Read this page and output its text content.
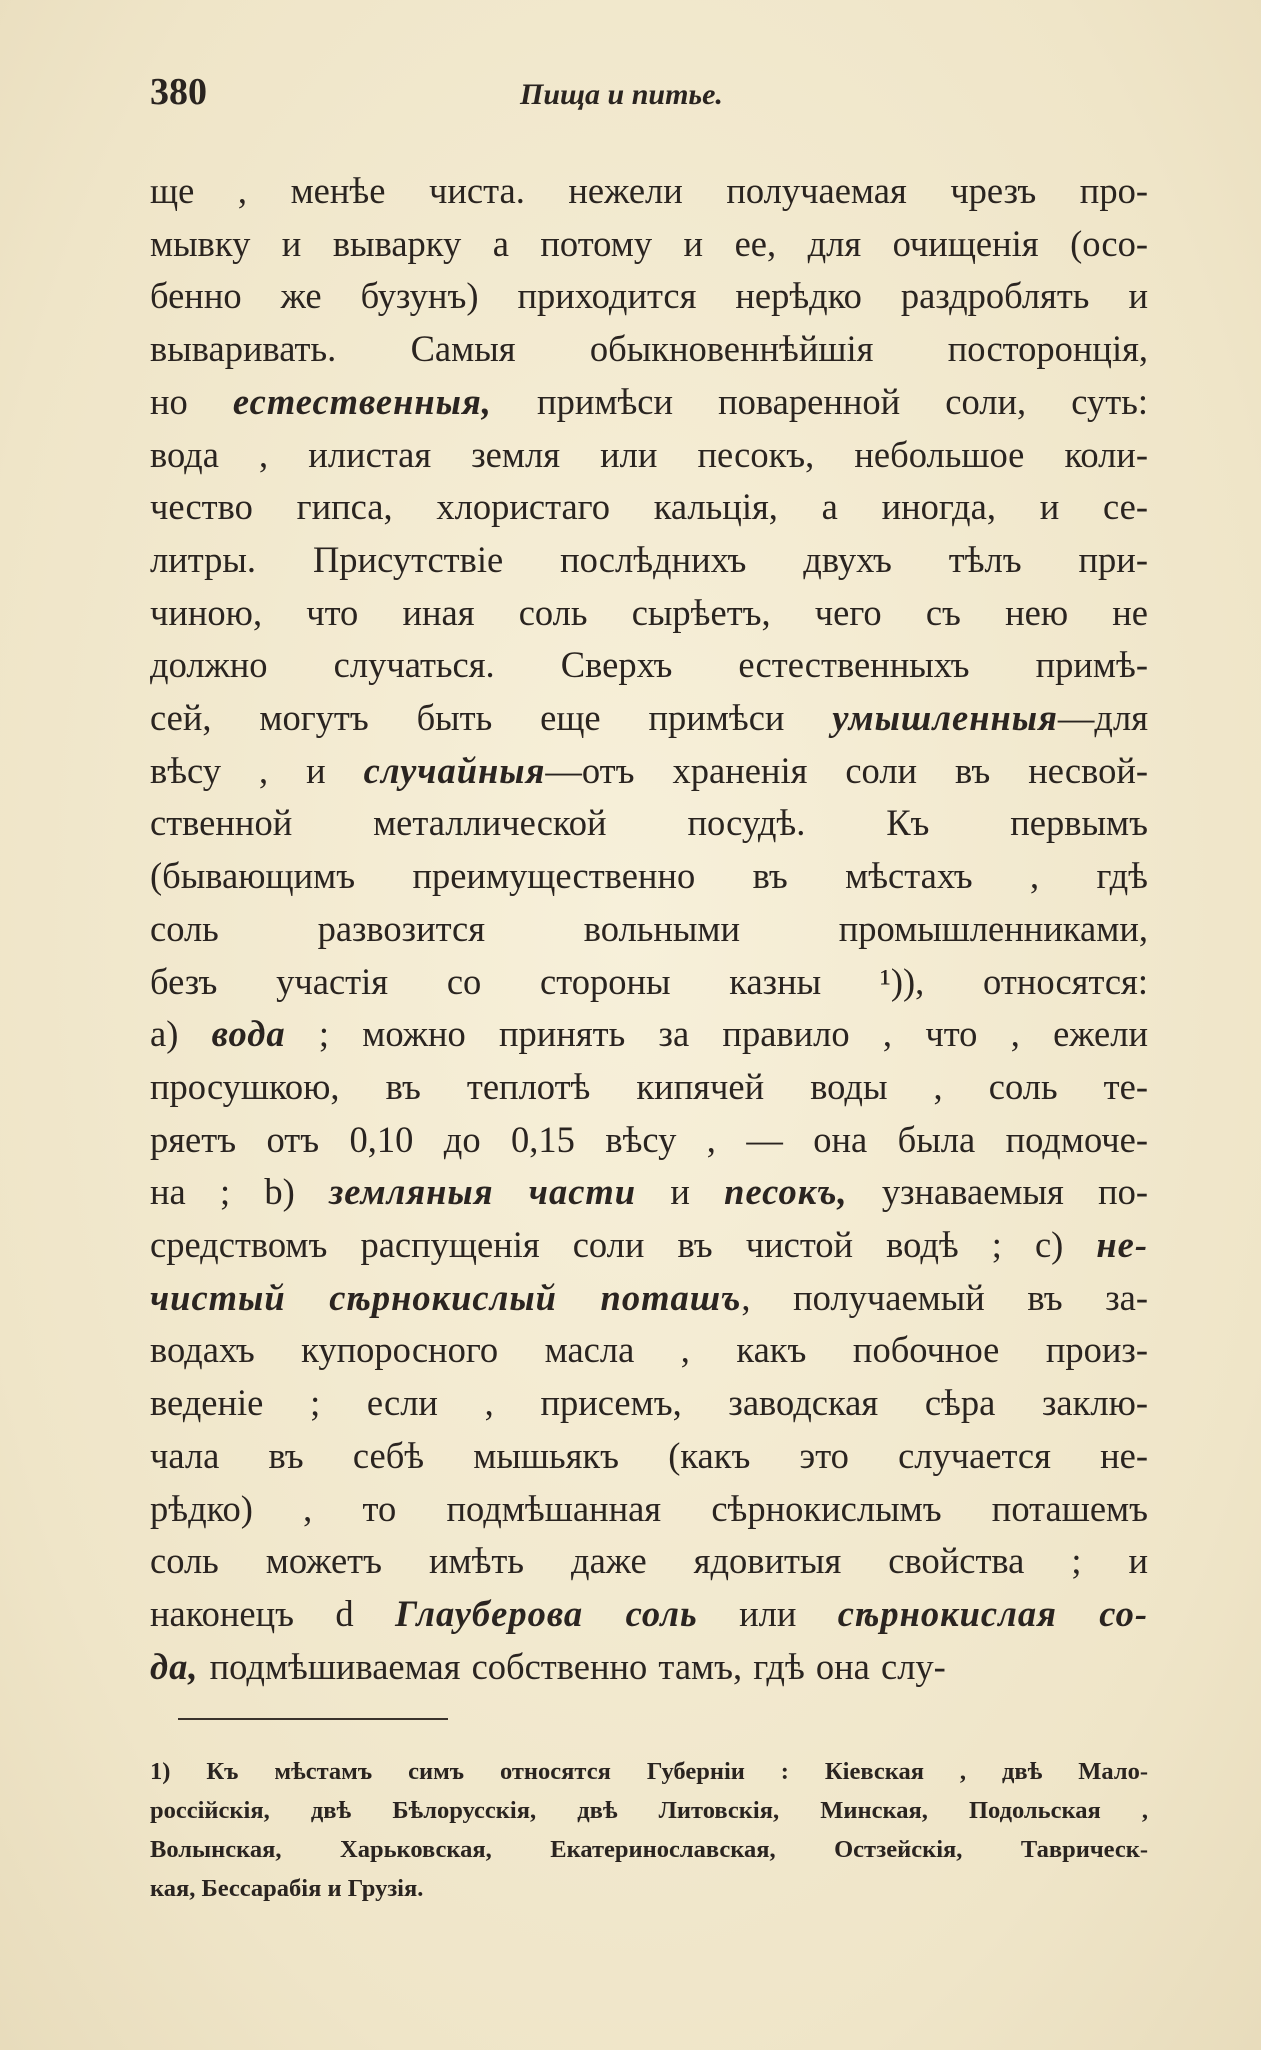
380	Пища и питье.
ще , менѣе чиста. нежели получаемая чрезъ про-
мывку и выварку а потому и ее, для очищенія (осо-
бенно же бузунъ) приходится нерѣдко раздроблять и
вываривать. Самыя обыкновеннѣйшія посторонція,
но естественныя, примѣси поваренной соли, суть:
вода , илистая земля или песокъ, небольшое коли-
чество гипса, хлористаго кальція, а иногда, и се-
литры. Присутствіе послѣднихъ двухъ тѣлъ при-
чиною, что иная соль сырѣетъ, чего съ нею не
должно случаться. Сверхъ естественныхъ примѣ-
сей, могутъ быть еще примѣси умышленныя—для
вѣсу , и случайныя—отъ храненія соли въ несвой-
ственной металлической посудѣ. Къ первымъ
(бывающимъ преимущественно въ мѣстахъ , гдѣ
соль развозится вольными промышленниками,
безъ участія со стороны казны ¹)), относятся:
а) вода ; можно принять за правило , что , ежели
просушкою, въ теплотѣ кипячей воды , соль те-
ряетъ отъ 0,10 до 0,15 вѣсу , — она была подмоче-
на ; b) земляныя части и песокъ, узнаваемыя по-
средствомъ распущенія соли въ чистой водѣ ; с) не-
чистый сѣрнокислый поташъ, получаемый въ за-
водахъ купоросного масла , какъ побочное произ-
веденіе ; если , присемъ, заводская сѣра заклю-
чала въ себѣ мышьякъ (какъ это случается не-
рѣдко) , то подмѣшанная сѣрнокислымъ поташемъ
соль можетъ имѣть даже ядовитыя свойства ; и
наконецъ d Глауберова соль или сѣрнокислая со-
да, подмѣшиваемая собственно тамъ, гдѣ она слу-
1) Къ мѣстамъ симъ относятся Губерніи : Кіевская , двѣ Мало-
россійскія, двѣ Бѣлорусскія, двѣ Литовскія, Минская, Подольская ,
Волынская, Харьковская, Екатеринославская, Остзейскія, Таврическ-
кая, Бессарабія и Грузія.
